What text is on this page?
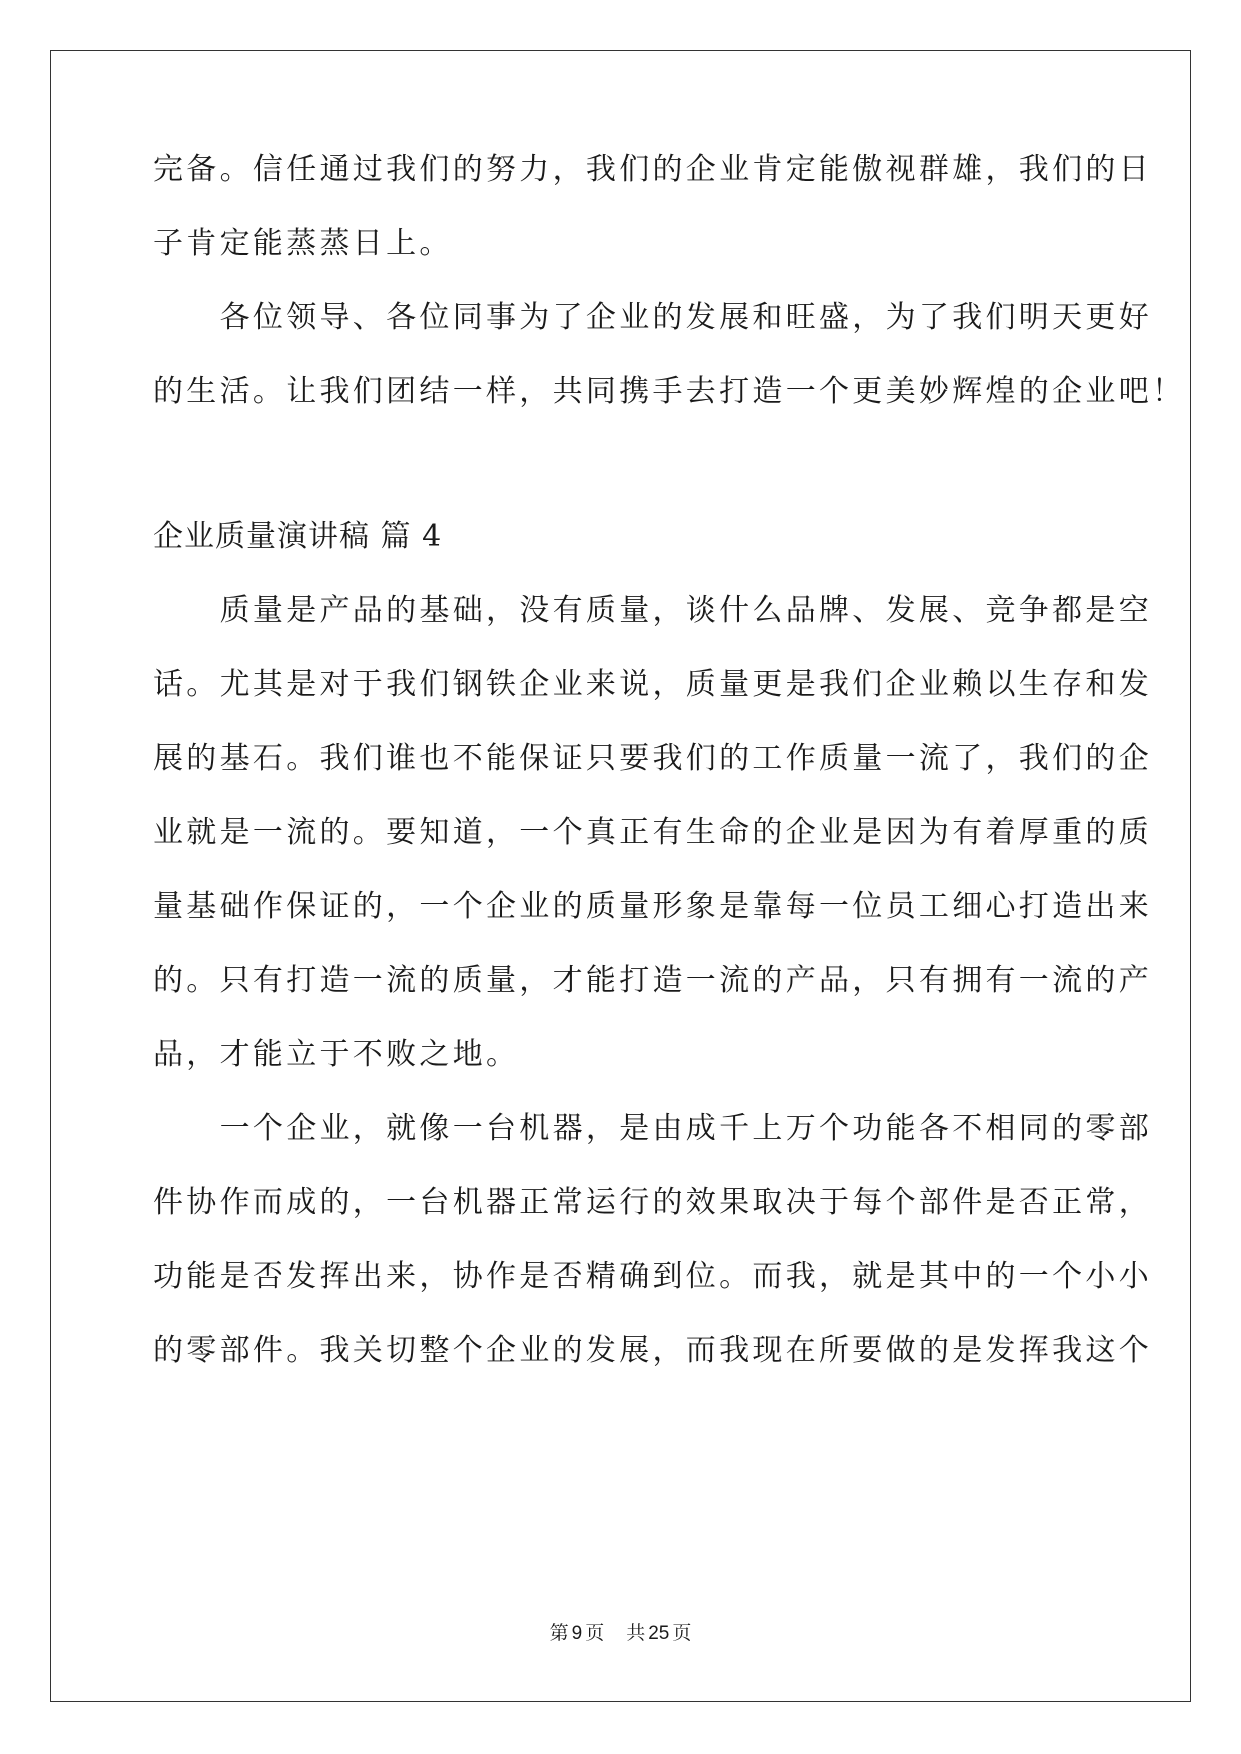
完备。信任通过我们的努力，我们的企业肯定能傲视群雄，我们的日

子肯定能蒸蒸日上。

　　各位领导、各位同事为了企业的发展和旺盛，为了我们明天更好

的生活。让我们团结一样，共同携手去打造一个更美妙辉煌的企业吧！

企业质量演讲稿 篇 4

　　质量是产品的基础，没有质量，谈什么品牌、发展、竞争都是空

话。尤其是对于我们钢铁企业来说，质量更是我们企业赖以生存和发

展的基石。我们谁也不能保证只要我们的工作质量一流了，我们的企

业就是一流的。要知道，一个真正有生命的企业是因为有着厚重的质

量基础作保证的，一个企业的质量形象是靠每一位员工细心打造出来

的。只有打造一流的质量，才能打造一流的产品，只有拥有一流的产

品，才能立于不败之地。

　　一个企业，就像一台机器，是由成千上万个功能各不相同的零部

件协作而成的，一台机器正常运行的效果取决于每个部件是否正常，

功能是否发挥出来，协作是否精确到位。而我，就是其中的一个小小

的零部件。我关切整个企业的发展，而我现在所要做的是发挥我这个

第 9 页 共 25 页
